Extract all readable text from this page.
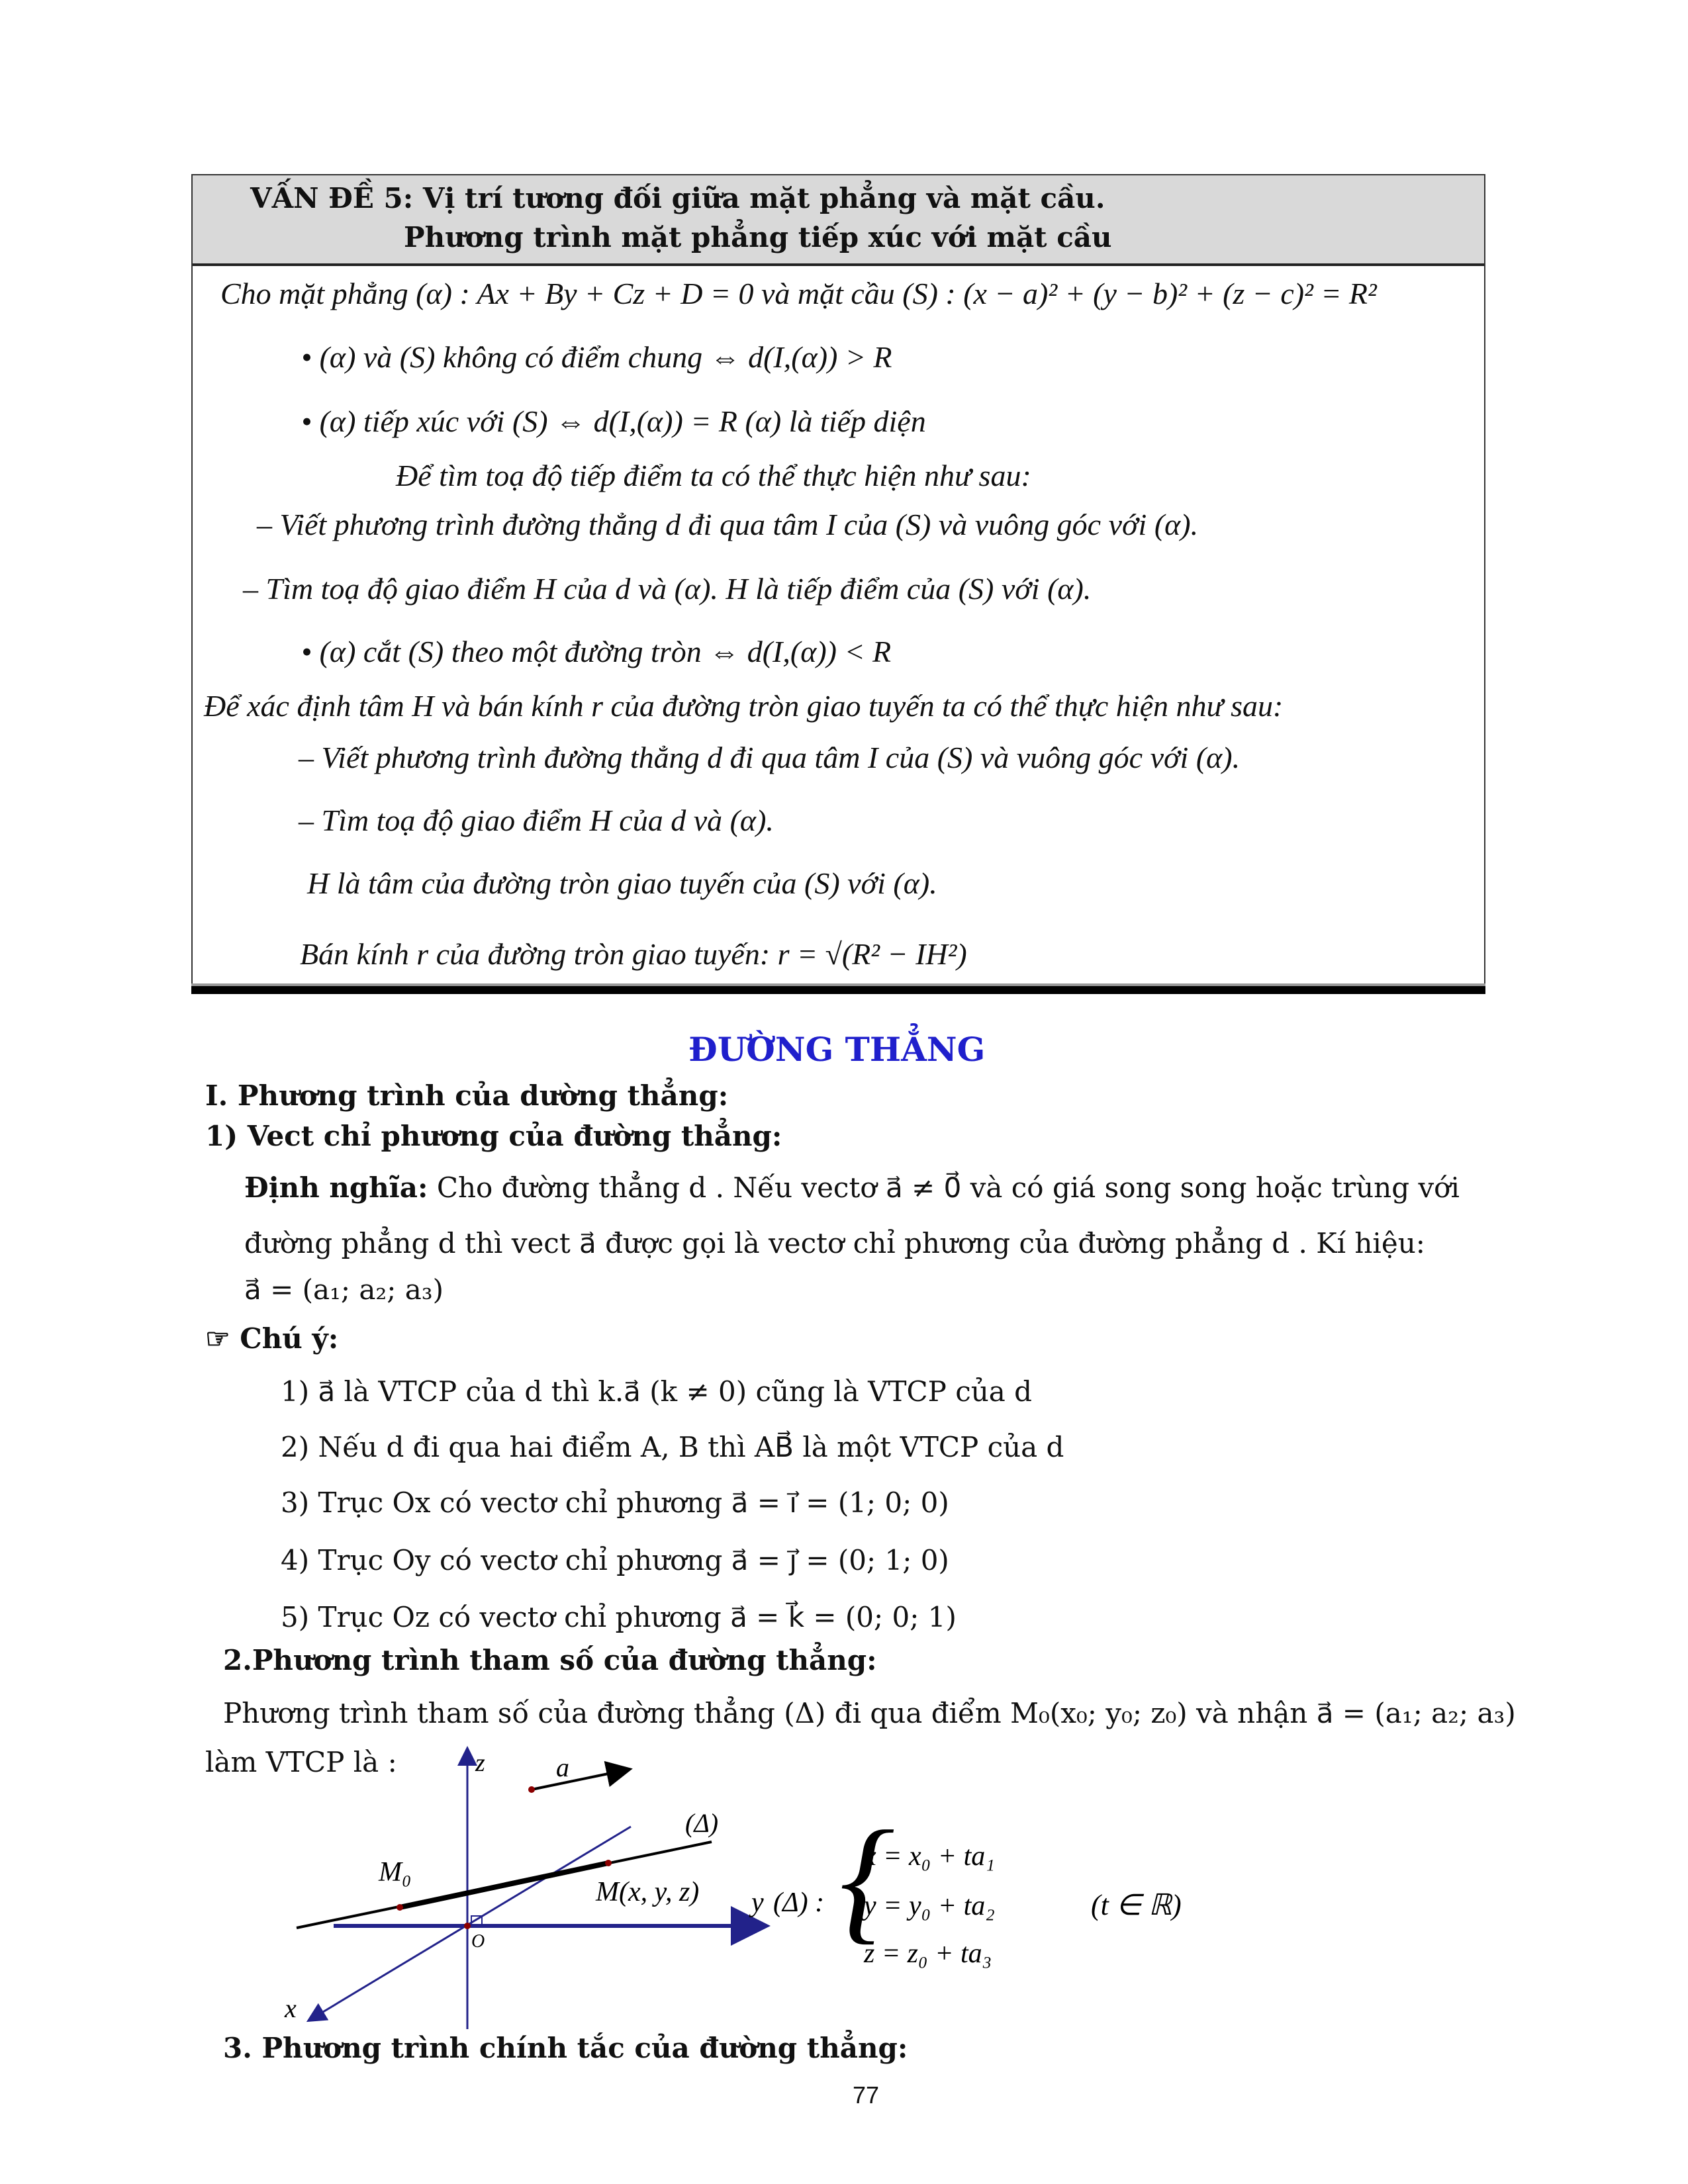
VẤN ĐỀ 5: Vị trí tương đối giữa mặt phẳng và mặt cầu.
Phương trình mặt phẳng tiếp xúc với mặt cầu
Cho mặt phẳng (α) : Ax + By + Cz + D = 0 và mặt cầu (S) : (x − a)² + (y − b)² + (z − c)² = R²
• (α) và (S) không có điểm chung ⇔ d(I,(α)) > R
• (α) tiếp xúc với (S) ⇔ d(I,(α)) = R (α) là tiếp diện
Để tìm toạ độ tiếp điểm ta có thể thực hiện như sau:
– Viết phương trình đường thẳng d đi qua tâm I của (S) và vuông góc với (α).
– Tìm toạ độ giao điểm H của d và (α). H là tiếp điểm của (S) với (α).
• (α) cắt (S) theo một đường tròn ⇔ d(I,(α)) < R
Để xác định tâm H và bán kính r của đường tròn giao tuyến ta có thể thực hiện như sau:
– Viết phương trình đường thẳng d đi qua tâm I của (S) và vuông góc với (α).
– Tìm toạ độ giao điểm H của d và (α).
H là tâm của đường tròn giao tuyến của (S) với (α).
Bán kính r của đường tròn giao tuyến: r = √(R² − IH²)
ĐƯỜNG THẲNG
I. Phương trình của dường thẳng:
1) Vect chỉ phương của đường thẳng:
Định nghĩa: Cho đường thẳng d . Nếu vectơ a⃗ ≠ 0⃗ và có giá song song hoặc trùng với
đường phẳng d thì vect a⃗ được gọi là vectơ chỉ phương của đường phẳng d . Kí hiệu:
a⃗ = (a₁; a₂; a₃)
☞ Chú ý:
1) a⃗ là VTCP của d thì k.a⃗ (k ≠ 0) cũng là VTCP của d
2) Nếu d đi qua hai điểm A, B thì AB⃗ là một VTCP của d
3) Trục Ox có vectơ chỉ phương a⃗ = i⃗ = (1; 0; 0)
4) Trục Oy có vectơ chỉ phương a⃗ = j⃗ = (0; 1; 0)
5) Trục Oz có vectơ chỉ phương a⃗ = k⃗ = (0; 0; 1)
2.Phương trình tham số của đường thẳng:
Phương trình tham số của đường thẳng (Δ) đi qua điểm M₀(x₀; y₀; z₀) và nhận a⃗ = (a₁; a₂; a₃)
làm VTCP là :	z	a⃗
(Δ)
M₀
M(x, y, z) y
O
x
(Δ) : {
x = x₀ + ta₁
y = y₀ + ta₂
z = z₀ + ta₃
(t ∈ ℝ)
3. Phương trình chính tắc của đường thẳng:
77
